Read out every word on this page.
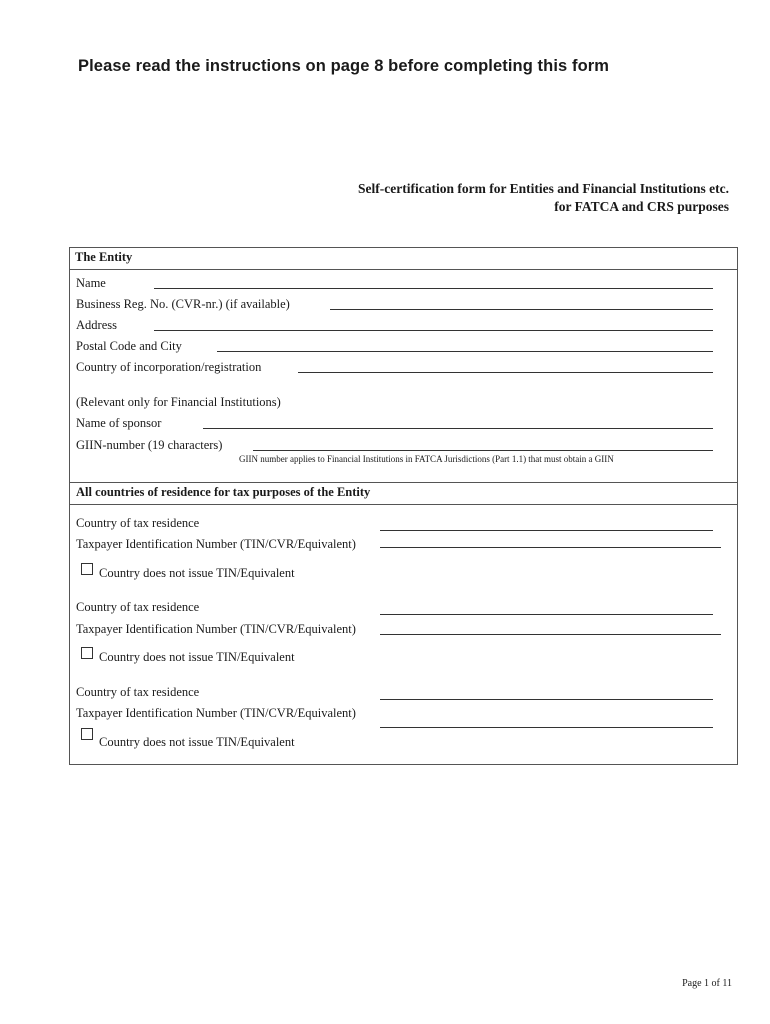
Please read the instructions on page 8 before completing this form
Self-certification form for Entities and Financial Institutions etc.
for FATCA and CRS purposes
The Entity
Name
Business Reg. No. (CVR-nr.) (if available)
Address
Postal Code and City
Country of incorporation/registration
(Relevant only for Financial Institutions)
Name of sponsor
GIIN-number (19 characters)
GIIN number applies to Financial Institutions in FATCA Jurisdictions (Part 1.1) that must obtain a GIIN
All countries of residence for tax purposes of the Entity
Country of tax residence
Taxpayer Identification Number (TIN/CVR/Equivalent)
Country does not issue TIN/Equivalent
Country of tax residence
Taxpayer Identification Number (TIN/CVR/Equivalent)
Country does not issue TIN/Equivalent
Country of tax residence
Taxpayer Identification Number (TIN/CVR/Equivalent)
Country does not issue TIN/Equivalent
Page 1 of 11
